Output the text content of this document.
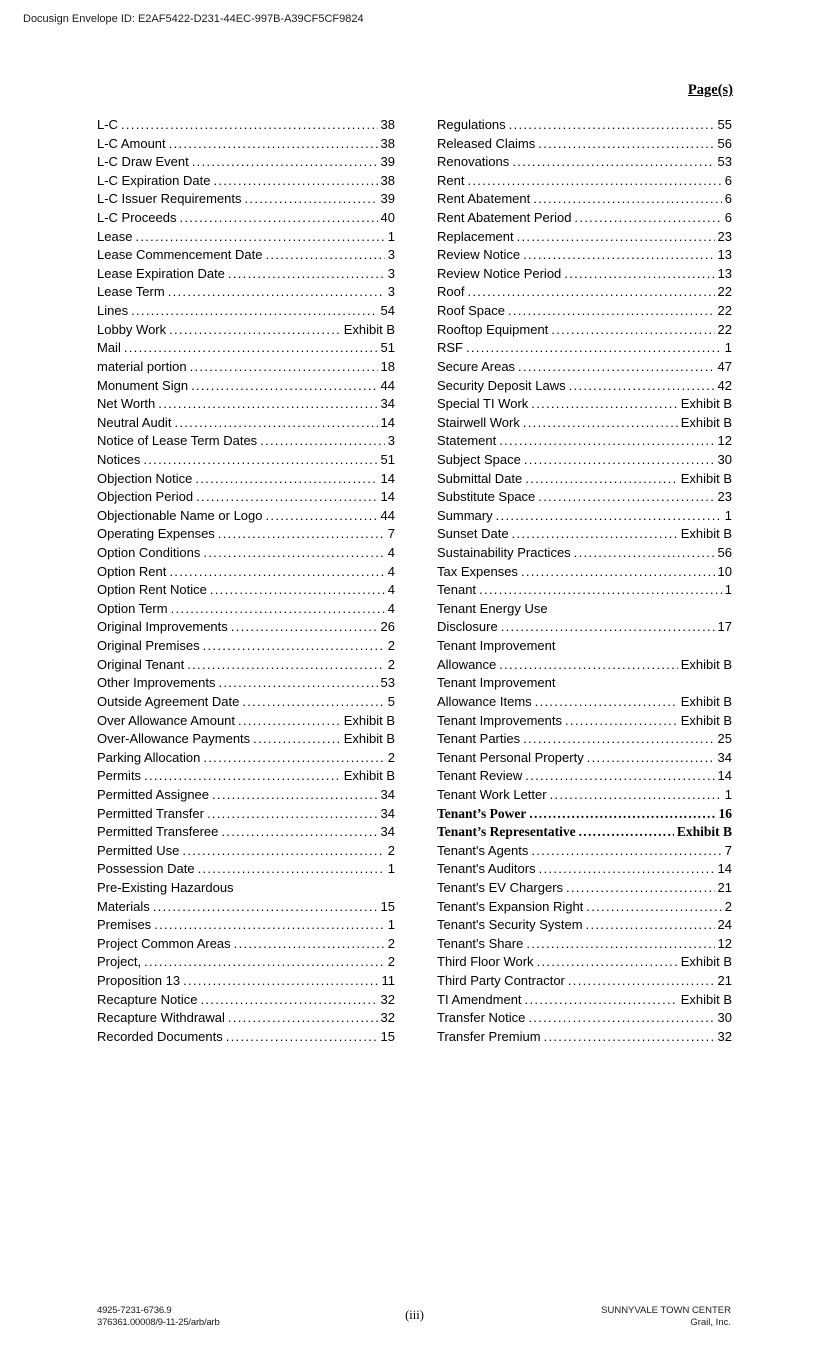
Docusign Envelope ID: E2AF5422-D231-44EC-997B-A39CF5CF9824
Page(s)
L-C .....	38
L-C Amount .....	38
L-C Draw Event .....	39
L-C Expiration Date .....	38
L-C Issuer Requirements .....	39
L-C Proceeds .....	40
Lease .....	1
Lease Commencement Date .....	3
Lease Expiration Date .....	3
Lease Term .....	3
Lines .....	54
Lobby Work .....	Exhibit B
Mail .....	51
material portion .....	18
Monument Sign .....	44
Net Worth .....	34
Neutral Audit .....	14
Notice of Lease Term Dates .....	3
Notices .....	51
Objection Notice .....	14
Objection Period .....	14
Objectionable Name or Logo .....	44
Operating Expenses .....	7
Option Conditions .....	4
Option Rent .....	4
Option Rent Notice .....	4
Option Term .....	4
Original Improvements .....	26
Original Premises .....	2
Original Tenant .....	2
Other Improvements .....	53
Outside Agreement Date .....	5
Over Allowance Amount .....	Exhibit B
Over-Allowance Payments .....	Exhibit B
Parking Allocation .....	2
Permits .....	Exhibit B
Permitted Assignee .....	34
Permitted Transfer .....	34
Permitted Transferee .....	34
Permitted Use .....	2
Possession Date .....	1
Pre-Existing Hazardous
Materials .....	15
Premises .....	1
Project Common Areas .....	2
Project, .....	2
Proposition 13 .....	11
Recapture Notice .....	32
Recapture Withdrawal .....	32
Recorded Documents .....	15
Regulations .....	55
Released Claims .....	56
Renovations .....	53
Rent .....	6
Rent Abatement .....	6
Rent Abatement Period .....	6
Replacement .....	23
Review Notice .....	13
Review Notice Period .....	13
Roof .....	22
Roof Space .....	22
Rooftop Equipment .....	22
RSF .....	1
Secure Areas .....	47
Security Deposit Laws .....	42
Special TI Work .....	Exhibit B
Stairwell Work .....	Exhibit B
Statement .....	12
Subject Space .....	30
Submittal Date .....	Exhibit B
Substitute Space .....	23
Summary .....	1
Sunset Date .....	Exhibit B
Sustainability Practices .....	56
Tax Expenses .....	10
Tenant .....	1
Tenant Energy Use
Disclosure .....	17
Tenant Improvement
Allowance .....	Exhibit B
Tenant Improvement
Allowance Items .....	Exhibit B
Tenant Improvements .....	Exhibit B
Tenant Parties .....	25
Tenant Personal Property .....	34
Tenant Review .....	14
Tenant Work Letter .....	1
Tenant’s Power .....	16
Tenant’s Representative .....	Exhibit B
Tenant's Agents .....	7
Tenant's Auditors .....	14
Tenant's EV Chargers .....	21
Tenant's Expansion Right .....	2
Tenant's Security System .....	24
Tenant's Share .....	12
Third Floor Work .....	Exhibit B
Third Party Contractor .....	21
TI Amendment .....	Exhibit B
Transfer Notice .....	30
Transfer Premium .....	32
4925-7231-6736.9
376361.00008/9-11-25/arb/arb	(iii)	SUNNYVALE TOWN CENTER
Grail, Inc.
